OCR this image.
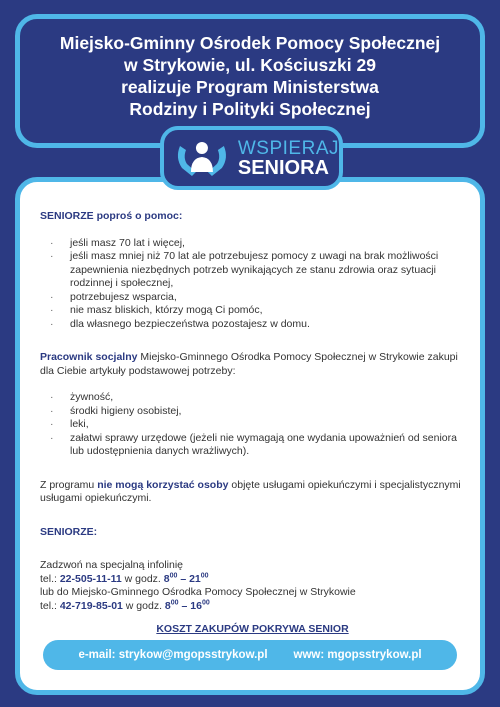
Miejsko-Gminny Ośrodek Pomocy Społecznej
w Strykowie, ul. Kościuszki 29
realizuje Program Ministerstwa
Rodziny i Polityki Społecznej

SENIORZE poproś o pomoc:

· jeśli masz 70 lat i więcej,
· jeśli masz mniej niż 70 lat ale potrzebujesz pomocy z uwagi na brak możliwości zapewnienia niezbędnych potrzeb wynikających ze stanu zdrowia oraz sytuacji rodzinnej i społecznej,
· potrzebujesz wsparcia,
· nie masz bliskich, którzy mogą Ci pomóc,
· dla własnego bezpieczeństwa pozostajesz w domu.

Pracownik socjalny Miejsko-Gminnego Ośrodka Pomocy Społecznej w Strykowie zakupi dla Ciebie artykuły podstawowej potrzeby:

· żywność,
· środki higieny osobistej,
· leki,
· załatwi sprawy urzędowe (jeżeli nie wymagają one wydania upoważnień od seniora lub udostępnienia danych wrażliwych).

Z programu nie mogą korzystać osoby objęte usługami opiekuńczymi i specjalistycznymi usługami opiekuńczymi.

SENIORZE:

Zadzwoń na specjalną infolinię

tel.: 22-505-11-11 w godz. $8^{00} - 21^{00}$

lub do Miejsko-Gminnego Ośrodka Pomocy Społecznej w Strykowie

tel.: 42-719-85-01 w godz. $8^{00} - 16^{00}$

KOSZT ZAKUPÓW POKRYWA SENIOR
WSPIERAJ
SENIORA
e-mail: strykow@mgopsstrykow.pl www: mgopsstrykow.pl
